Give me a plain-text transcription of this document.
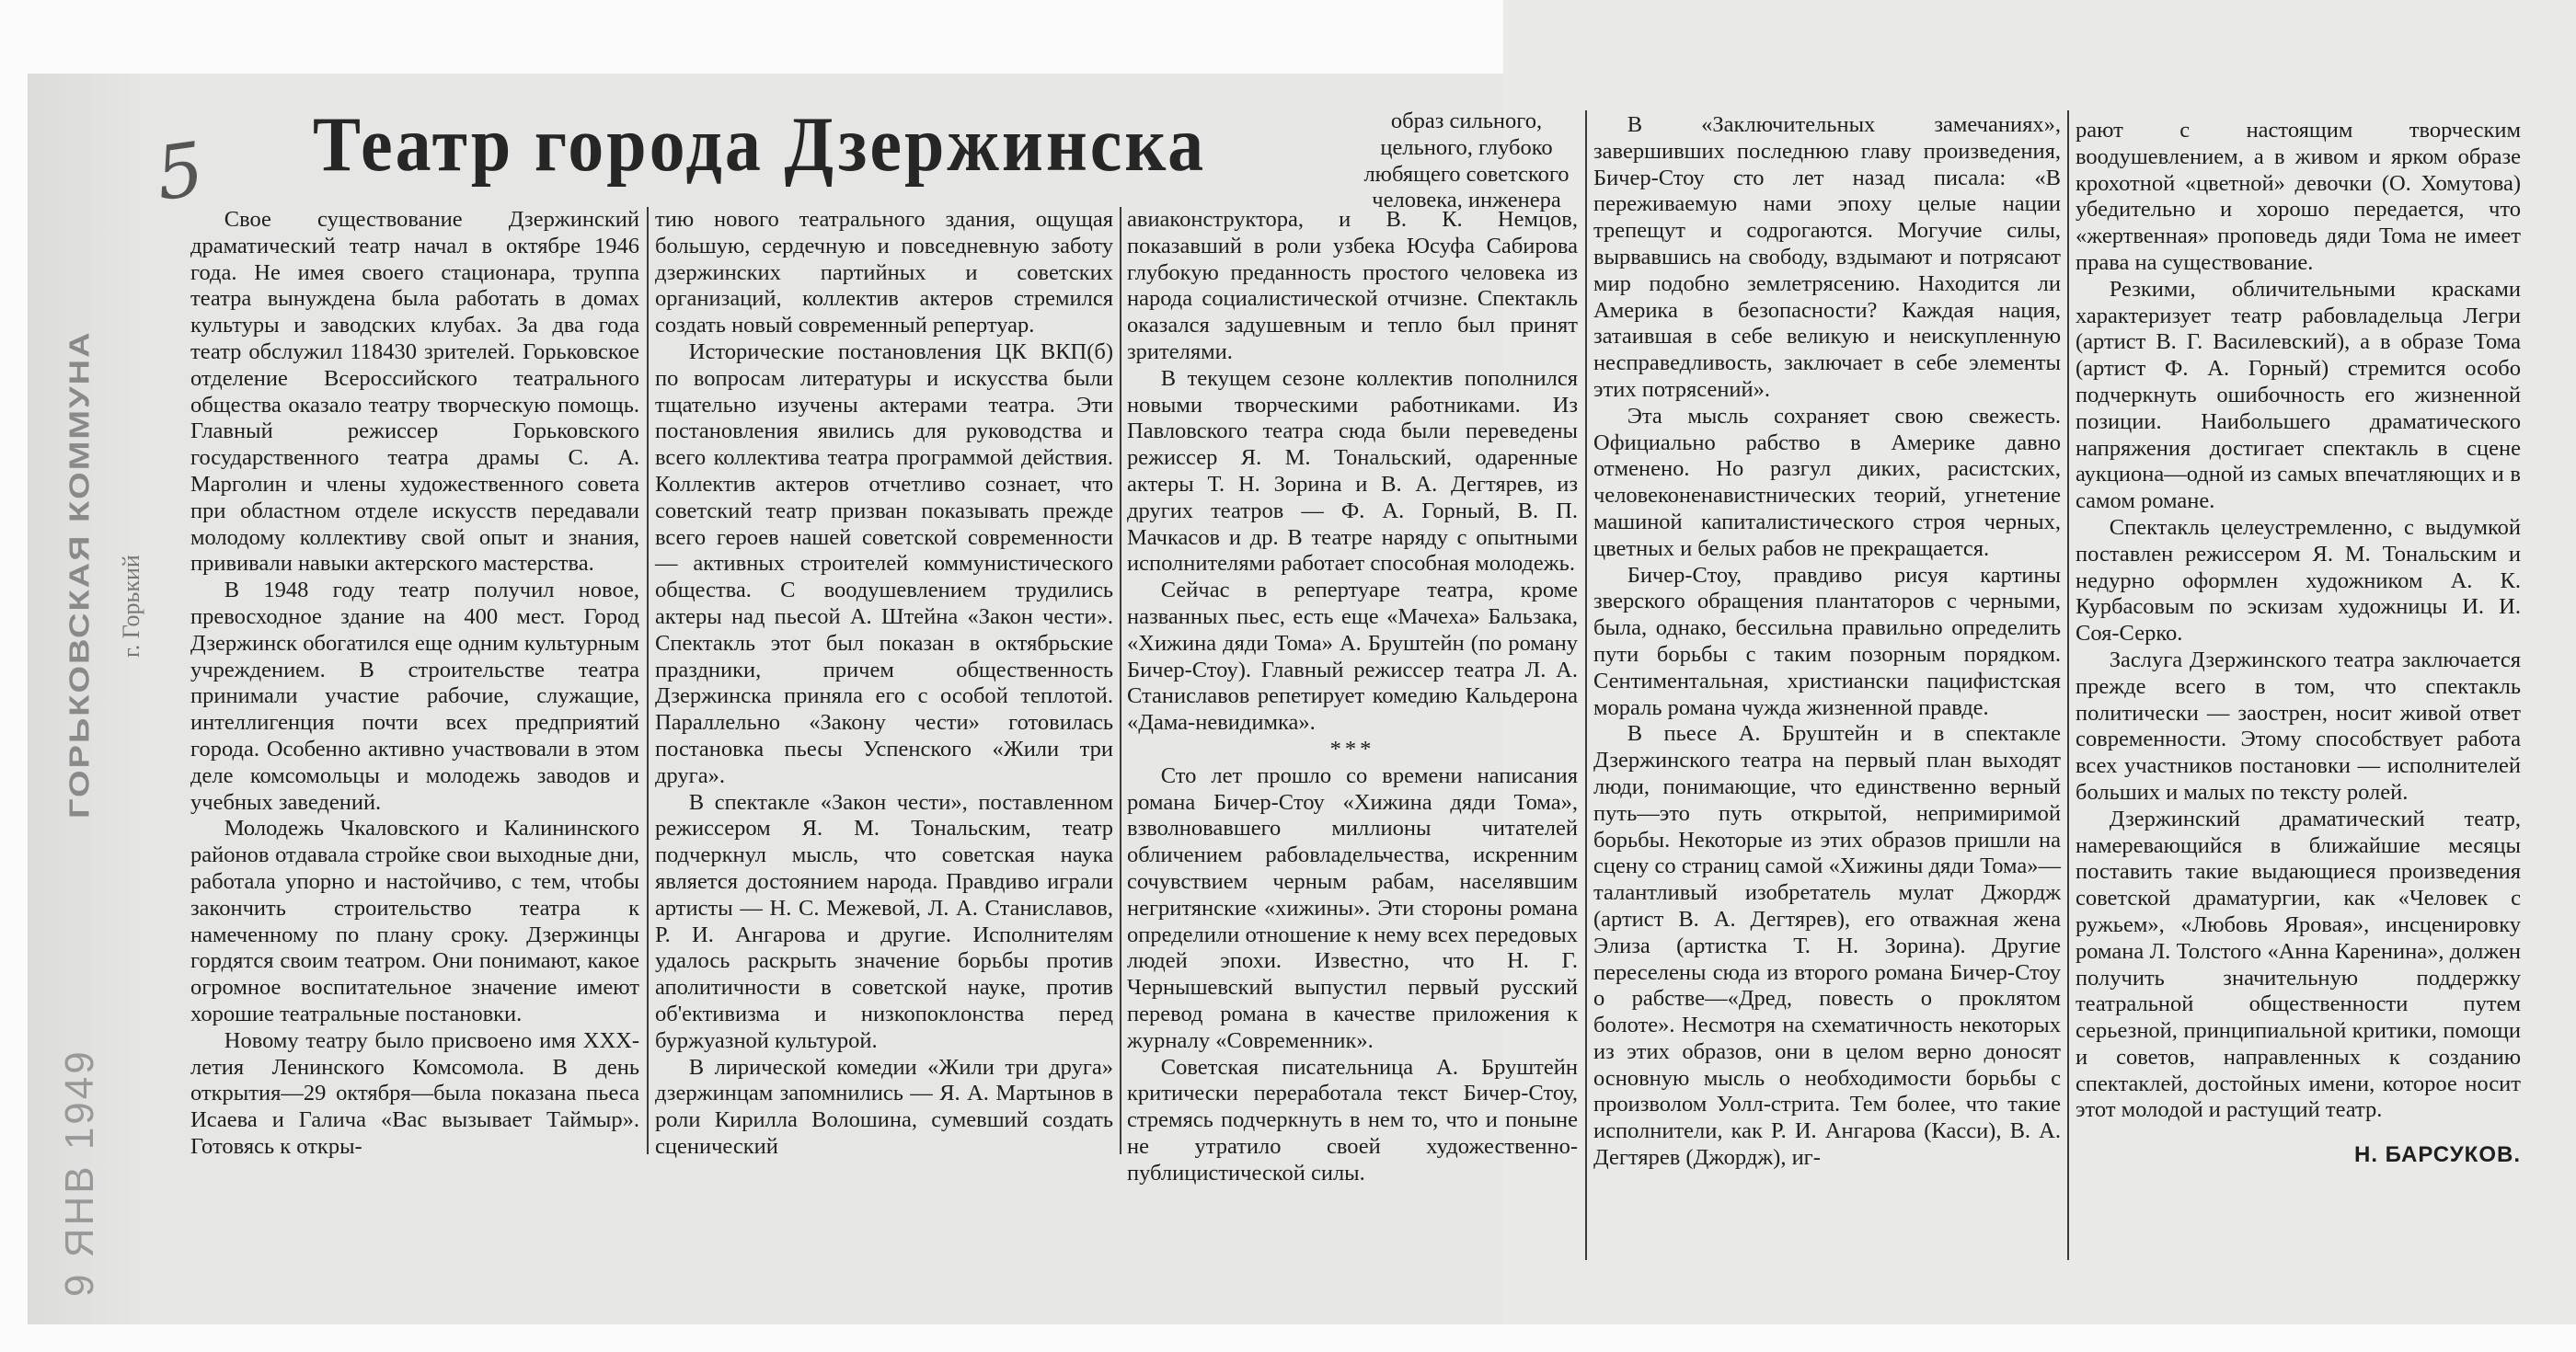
ГОРЬКОВСКАЯ КОММУНА г. Горький
9 ЯНВ 1949
5 Театр города Дзержинска

Свое существование Дзержинский драматический театр начал в октябре 1946 года. Не имея своего стационара, труппа театра вынуждена была работать в домах культуры и заводских клубах. За два года театр обслужил 118430 зрителей. Горьковское отделение Всероссийского театрального общества оказало театру творческую помощь. Главный режиссер Горьковского государственного театра драмы С. А. Марголин и члены художественного совета при областном отделе искусств передавали молодому коллективу свой опыт и знания, прививали навыки актерского мастерства.

В 1948 году театр получил новое, превосходное здание на 400 мест. Город Дзержинск обогатился еще одним культурным учреждением. В строительстве театра принимали участие рабочие, служащие, интеллигенция почти всех предприятий города. Особенно активно участвовали в этом деле комсомольцы и молодежь заводов и учебных заведений.

Молодежь Чкаловского и Калининского районов отдавала стройке свои выходные дни, работала упорно и настойчиво, с тем, чтобы закончить строительство театра к намеченному по плану сроку. Дзержинцы гордятся своим театром. Они понимают, какое огромное воспитательное значение имеют хорошие театральные постановки.

Новому театру было присвоено имя XXX-летия Ленинского Комсомола. В день открытия—29 октября—была показана пьеса Исаева и Галича «Вас вызывает Таймыр». Готовясь к откры-

тию нового театрального здания, ощущая большую, сердечную и повседневную заботу дзержинских партийных и советских организаций, коллектив актеров стремился создать новый современный репертуар.

Исторические постановления ЦК ВКП(б) по вопросам литературы и искусства были тщательно изучены актерами театра. Эти постановления явились для руководства и всего коллектива театра программой действия. Коллектив актеров отчетливо сознает, что советский театр призван показывать прежде всего героев нашей советской современности — активных строителей коммунистического общества. С воодушевлением трудились актеры над пьесой А. Штейна «Закон чести». Спектакль этот был показан в октябрьские праздники, причем общественность Дзержинска приняла его с особой теплотой. Параллельно «Закону чести» готовилась постановка пьесы Успенского «Жили три друга».

В спектакле «Закон чести», поставленном режиссером Я. М. Тональским, театр подчеркнул мысль, что советская наука является достоянием народа. Правдиво играли артисты — Н. С. Межевой, Л. А. Станиславов, Р. И. Ангарова и другие. Исполнителям удалось раскрыть значение борьбы против аполитичности в советской науке, против об'ективизма и низкопоклонства перед буржуазной культурой.

В лирической комедии «Жили три друга» дзержинцам запомнились — Я. А. Мартынов в роли Кирилла Волошина, сумевший создать сценический

образ сильного, цельного, глубоко любящего советского человека, инженера

авиаконструктора, и В. К. Немцов, показавший в роли узбека Юсуфа Сабирова глубокую преданность простого человека из народа социалистической отчизне. Спектакль оказался задушевным и тепло был принят зрителями.

В текущем сезоне коллектив пополнился новыми творческими работниками. Из Павловского театра сюда были переведены режиссер Я. М. Тональский, одаренные актеры Т. Н. Зорина и В. А. Дегтярев, из других театров — Ф. А. Горный, В. П. Мачкасов и др. В театре наряду с опытными исполнителями работает способная молодежь.

Сейчас в репертуаре театра, кроме названных пьес, есть еще «Мачеха» Бальзака, «Хижина дяди Тома» А. Бруштейн (по роману Бичер-Стоу). Главный режиссер театра Л. А. Станиславов репетирует комедию Кальдерона «Дама-невидимка».

***

Сто лет прошло со времени написания романа Бичер-Стоу «Хижина дяди Тома», взволновавшего миллионы читателей обличением рабовладельчества, искренним сочувствием черным рабам, населявшим негритянские «хижины». Эти стороны романа определили отношение к нему всех передовых людей эпохи. Известно, что Н. Г. Чернышевский выпустил первый русский перевод романа в качестве приложения к журналу «Современник».

Советская писательница А. Бруштейн критически переработала текст Бичер-Стоу, стремясь подчеркнуть в нем то, что и поныне не утратило своей художественно-публицистической силы.

В «Заключительных замечаниях», завершивших последнюю главу произведения, Бичер-Стоу сто лет назад писала: «В переживаемую нами эпоху целые нации трепещут и содрогаются. Могучие силы, вырвавшись на свободу, вздымают и потрясают мир подобно землетрясению. Находится ли Америка в безопасности? Каждая нация, затаившая в себе великую и неискупленную несправедливость, заключает в себе элементы этих потрясений».

Эта мысль сохраняет свою свежесть. Официально рабство в Америке давно отменено. Но разгул диких, расистских, человеконенавистнических теорий, угнетение машиной капиталистического строя черных, цветных и белых рабов не прекращается.

Бичер-Стоу, правдиво рисуя картины зверского обращения плантаторов с черными, была, однако, бессильна правильно определить пути борьбы с таким позорным порядком. Сентиментальная, христиански пацифистская мораль романа чужда жизненной правде.

В пьесе А. Бруштейн и в спектакле Дзержинского театра на первый план выходят люди, понимающие, что единственно верный путь—это путь открытой, непримиримой борьбы. Некоторые из этих образов пришли на сцену со страниц самой «Хижины дяди Тома»—талантливый изобретатель мулат Джордж (артист В. А. Дегтярев), его отважная жена Элиза (артистка Т. Н. Зорина). Другие переселены сюда из второго романа Бичер-Стоу о рабстве—«Дред, повесть о проклятом болоте». Несмотря на схематичность некоторых из этих образов, они в целом верно доносят основную мысль о необходимости борьбы с произволом Уолл-стрита. Тем более, что такие исполнители, как Р. И. Ангарова (Касси), В. А. Дегтярев (Джордж), иг-

рают с настоящим творческим воодушевлением, а в живом и ярком образе крохотной «цветной» девочки (О. Хомутова) убедительно и хорошо передается, что «жертвенная» проповедь дяди Тома не имеет права на существование.

Резкими, обличительными красками характеризует театр рабовладельца Легри (артист В. Г. Василевский), а в образе Тома (артист Ф. А. Горный) стремится особо подчеркнуть ошибочность его жизненной позиции. Наибольшего драматического напряжения достигает спектакль в сцене аукциона—одной из самых впечатляющих и в самом романе.

Спектакль целеустремленно, с выдумкой поставлен режиссером Я. М. Тональским и недурно оформлен художником А. К. Курбасовым по эскизам художницы И. И. Соя-Серко.

Заслуга Дзержинского театра заключается прежде всего в том, что спектакль политически — заострен, носит живой ответ современности. Этому способствует работа всех участников постановки — исполнителей больших и малых по тексту ролей.

Дзержинский драматический театр, намеревающийся в ближайшие месяцы поставить такие выдающиеся произведения советской драматургии, как «Человек с ружьем», «Любовь Яровая», инсценировку романа Л. Толстого «Анна Каренина», должен получить значительную поддержку театральной общественности путем серьезной, принципиальной критики, помощи и советов, направленных к созданию спектаклей, достойных имени, которое носит этот молодой и растущий театр.

Н. БАРСУКОВ.
